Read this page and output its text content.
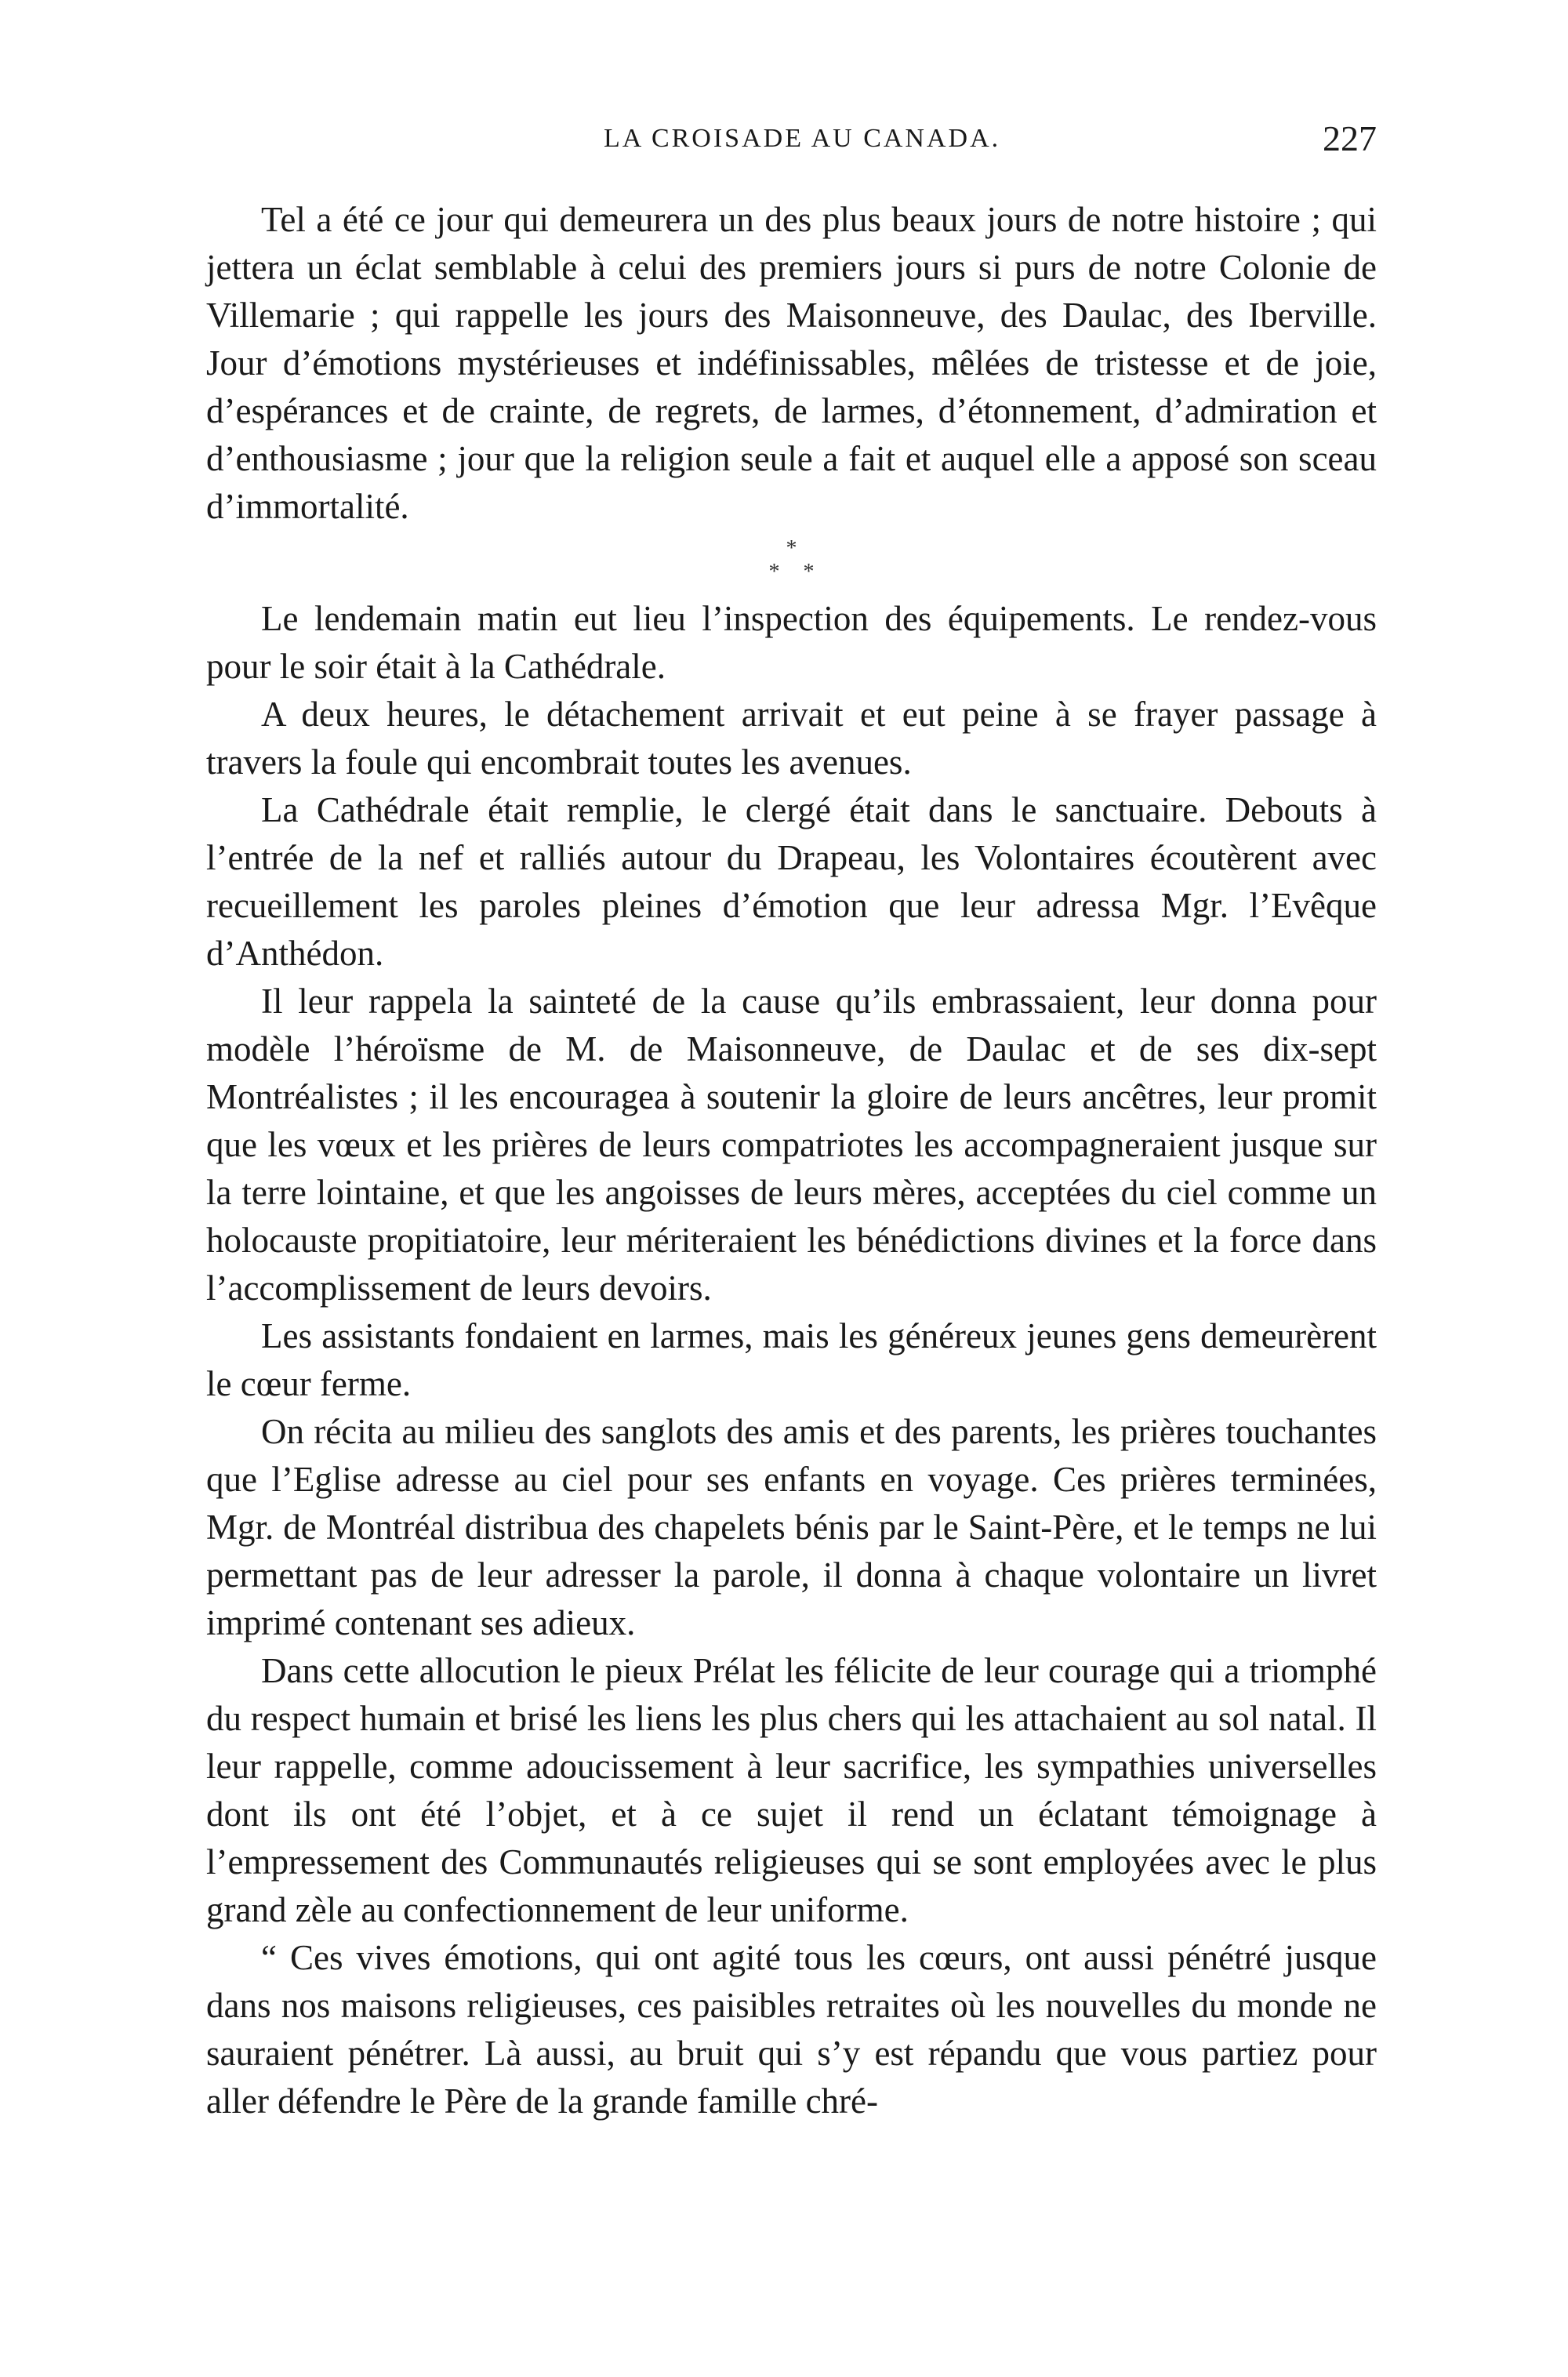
LA CROISADE AU CANADA.	227

Tel a été ce jour qui demeurera un des plus beaux jours de notre histoire ; qui jettera un éclat semblable à celui des premiers jours si purs de notre Colonie de Villemarie ; qui rappelle les jours des Maisonneuve, des Daulac, des Iberville. Jour d’émotions mystérieuses et indéfinissables, mêlées de tristesse et de joie, d’espérances et de crainte, de regrets, de larmes, d’étonnement, d’admiration et d’enthousiasme ; jour que la religion seule a fait et auquel elle a apposé son sceau d’immortalité.

*
**

Le lendemain matin eut lieu l’inspection des équipements. Le rendez-vous pour le soir était à la Cathédrale.

A deux heures, le détachement arrivait et eut peine à se frayer passage à travers la foule qui encombrait toutes les avenues.

La Cathédrale était remplie, le clergé était dans le sanctuaire. Debouts à l’entrée de la nef et ralliés autour du Drapeau, les Volontaires écoutèrent avec recueillement les paroles pleines d’émotion que leur adressa Mgr. l’Evêque d’Anthédon.

Il leur rappela la sainteté de la cause qu’ils embrassaient, leur donna pour modèle l’héroïsme de M. de Maisonneuve, de Daulac et de ses dix-sept Montréalistes ; il les encouragea à soutenir la gloire de leurs ancêtres, leur promit que les vœux et les prières de leurs compatriotes les accompagneraient jusque sur la terre lointaine, et que les angoisses de leurs mères, acceptées du ciel comme un holocauste propitiatoire, leur mériteraient les bénédictions divines et la force dans l’accomplissement de leurs devoirs.

Les assistants fondaient en larmes, mais les généreux jeunes gens demeurèrent le cœur ferme.

On récita au milieu des sanglots des amis et des parents, les prières touchantes que l’Eglise adresse au ciel pour ses enfants en voyage. Ces prières terminées, Mgr. de Montréal distribua des chapelets bénis par le Saint-Père, et le temps ne lui permettant pas de leur adresser la parole, il donna à chaque volontaire un livret imprimé contenant ses adieux.

Dans cette allocution le pieux Prélat les félicite de leur courage qui a triomphé du respect humain et brisé les liens les plus chers qui les attachaient au sol natal. Il leur rappelle, comme adoucissement à leur sacrifice, les sympathies universelles dont ils ont été l’objet, et à ce sujet il rend un éclatant témoignage à l’empressement des Communautés religieuses qui se sont employées avec le plus grand zèle au confectionnement de leur uniforme.

“ Ces vives émotions, qui ont agité tous les cœurs, ont aussi pénétré jusque dans nos maisons religieuses, ces paisibles retraites où les nouvelles du monde ne sauraient pénétrer. Là aussi, au bruit qui s’y est répandu que vous partiez pour aller défendre le Père de la grande famille chré-
